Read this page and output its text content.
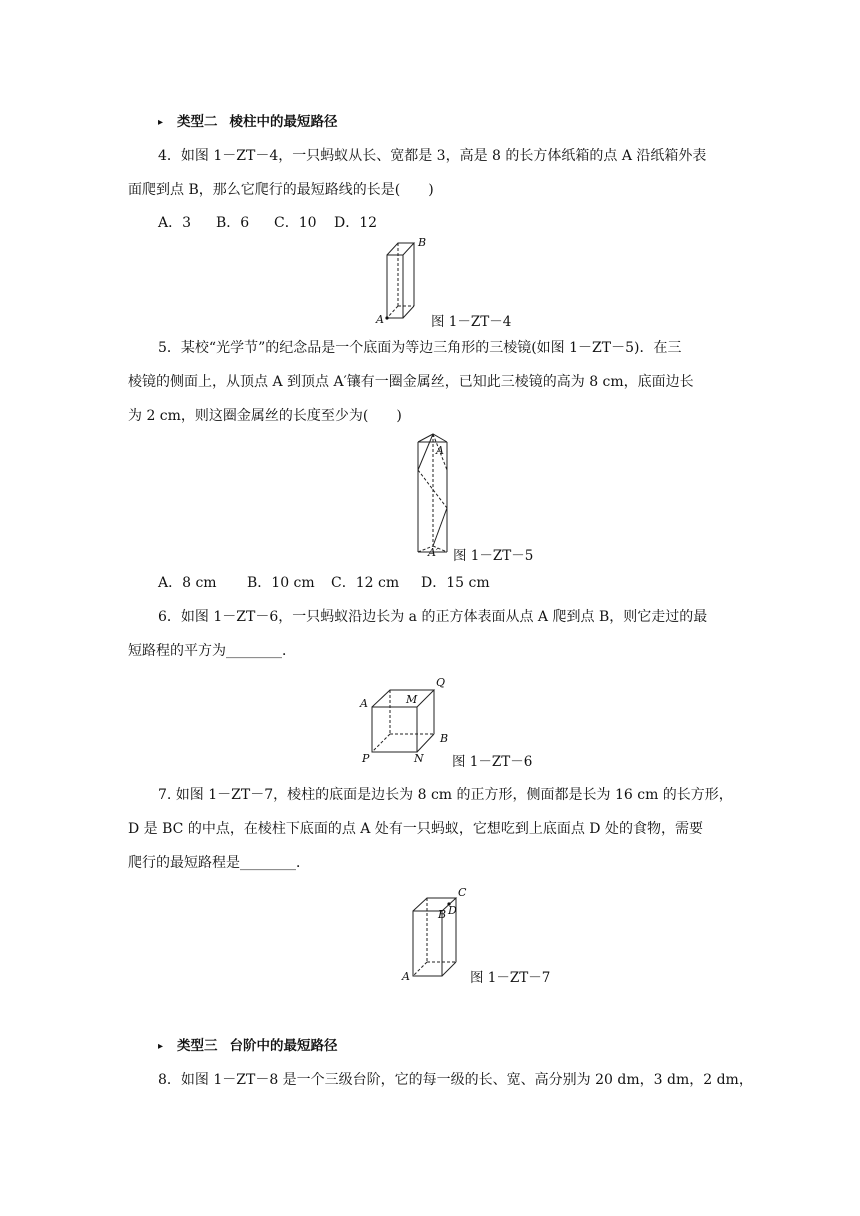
▸ 类型二 棱柱中的最短路径
4．如图 1－ZT－4，一只蚂蚁从长、宽都是 3，高是 8 的长方体纸箱的点 A 沿纸箱外表
面爬到点 B，那么它爬行的最短路线的长是(　　)
A．3 B．6 C．10 D．12
A
B
图 1－ZT－4
5．某校“光学节”的纪念品是一个底面为等边三角形的三棱镜(如图 1－ZT－5)．在三
棱镜的侧面上，从顶点 A 到顶点 A′镶有一圈金属丝，已知此三棱镜的高为 8 cm，底面边长
为 2 cm，则这圈金属丝的长度至少为(　　)
A
A′ 图 1－ZT－5
A．8 cm B．10 cm C．12 cm D．15 cm
6．如图 1－ZT－6，一只蚂蚁沿边长为 a 的正方体表面从点 A 爬到点 B，则它走过的最
短路程的平方为________．
A	M
Q
B
P	N 图 1－ZT－6
7. 如图 1－ZT－7，棱柱的底面是边长为 8 cm 的正方形，侧面都是长为 16 cm 的长方形，
D 是 BC 的中点，在棱柱下底面的点 A 处有一只蚂蚁，它想吃到上底面点 D 处的食物，需要
爬行的最短路程是________．
C
B D
A	图 1－ZT－7
▸ 类型三 台阶中的最短路径
8．如图 1－ZT－8 是一个三级台阶，它的每一级的长、宽、高分别为 20 dm，3 dm，2 dm，
